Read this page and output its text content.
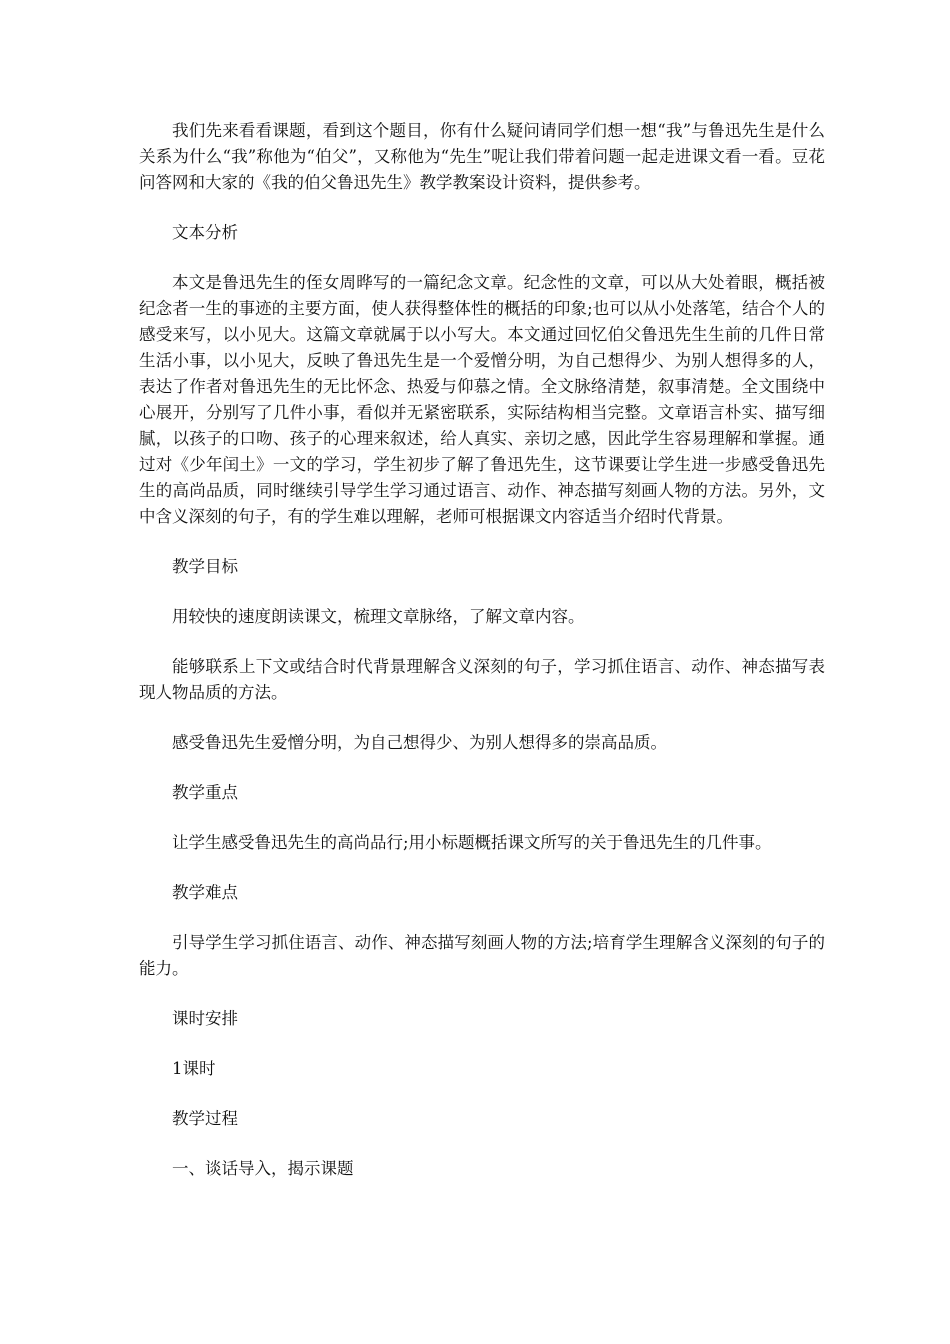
我们先来看看课题，看到这个题目，你有什么疑问请同学们想一想“我”与鲁迅先生是什么关系为什么“我”称他为“伯父”，又称他为“先生”呢让我们带着问题一起走进课文看一看。豆花问答网和大家的《我的伯父鲁迅先生》教学教案设计资料，提供参考。

文本分析

本文是鲁迅先生的侄女周晔写的一篇纪念文章。纪念性的文章，可以从大处着眼，概括被纪念者一生的事迹的主要方面，使人获得整体性的概括的印象;也可以从小处落笔，结合个人的感受来写，以小见大。这篇文章就属于以小写大。本文通过回忆伯父鲁迅先生生前的几件日常生活小事，以小见大，反映了鲁迅先生是一个爱憎分明，为自己想得少、为别人想得多的人，表达了作者对鲁迅先生的无比怀念、热爱与仰慕之情。全文脉络清楚，叙事清楚。全文围绕中心展开，分别写了几件小事，看似并无紧密联系，实际结构相当完整。文章语言朴实、描写细腻，以孩子的口吻、孩子的心理来叙述，给人真实、亲切之感，因此学生容易理解和掌握。通过对《少年闰土》一文的学习，学生初步了解了鲁迅先生，这节课要让学生进一步感受鲁迅先生的高尚品质，同时继续引导学生学习通过语言、动作、神态描写刻画人物的方法。另外，文中含义深刻的句子，有的学生难以理解，老师可根据课文内容适当介绍时代背景。

教学目标

用较快的速度朗读课文，梳理文章脉络，了解文章内容。

能够联系上下文或结合时代背景理解含义深刻的句子，学习抓住语言、动作、神态描写表现人物品质的方法。

感受鲁迅先生爱憎分明，为自己想得少、为别人想得多的崇高品质。

教学重点

让学生感受鲁迅先生的高尚品行;用小标题概括课文所写的关于鲁迅先生的几件事。

教学难点

引导学生学习抓住语言、动作、神态描写刻画人物的方法;培育学生理解含义深刻的句子的能力。

课时安排

1课时

教学过程

一、谈话导入，揭示课题
